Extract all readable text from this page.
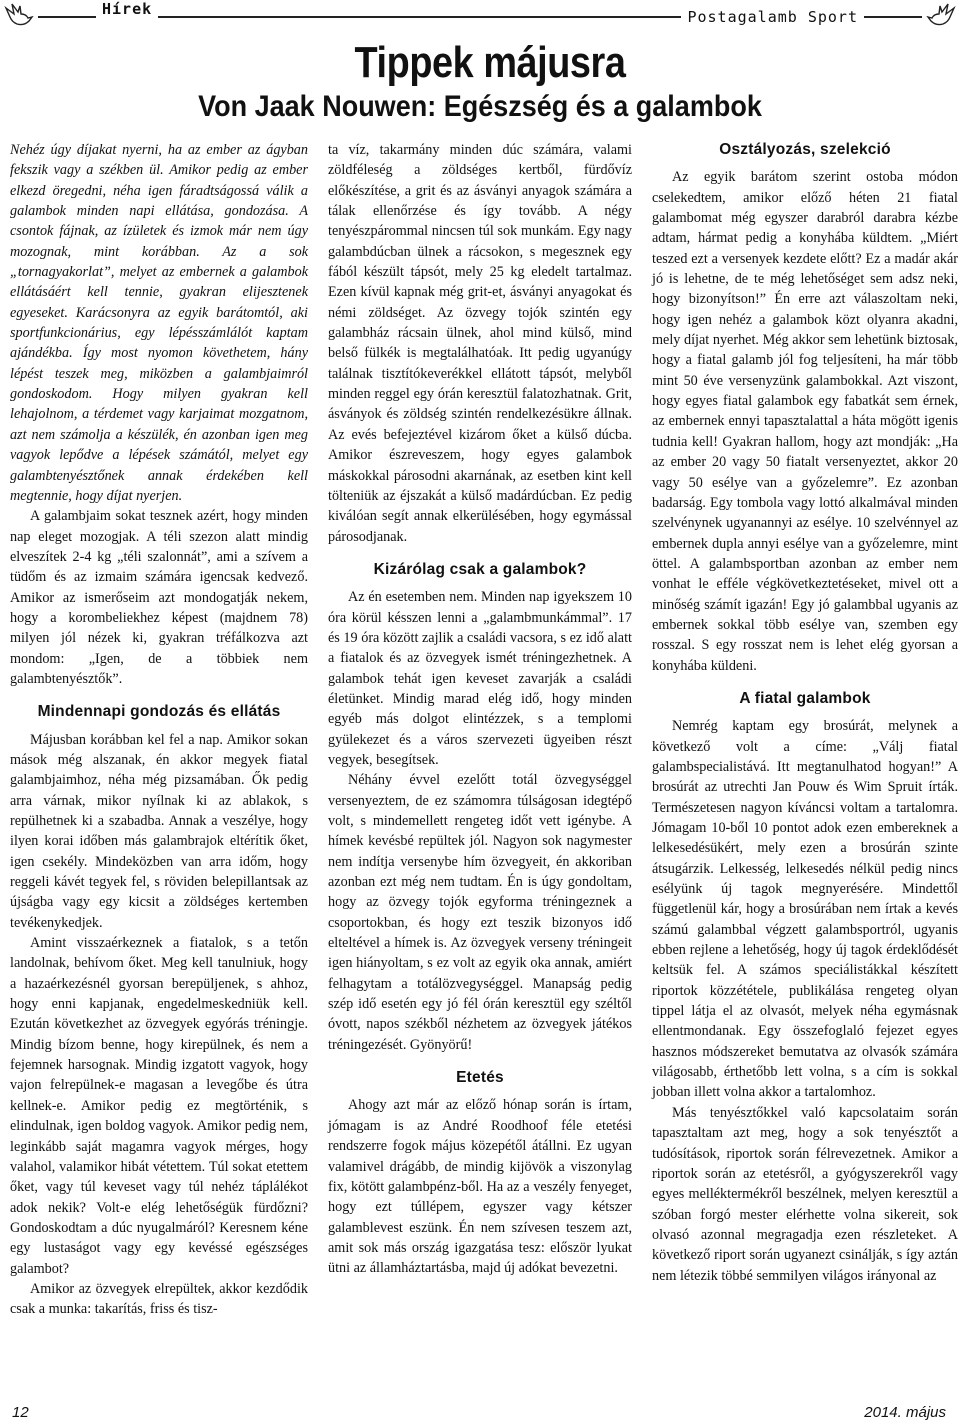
Hírek	Postagalamb Sport
Tippek májusra
Von Jaak Nouwen: Egészség és a galambok

Nehéz úgy díjakat nyerni, ha az ember az ágyban fekszik vagy a székben ül. Amikor pedig az ember elkezd öregedni, néha igen fáradtságossá válik a galambok minden napi ellátása, gondozása. A csontok fájnak, az ízületek és izmok már nem úgy mozognak, mint korábban. Az a sok „tornagyakorlat”, melyet az embernek a galambok ellátásáért kell tennie, gyakran elijesztenek egyeseket. Karácsonyra az egyik barátomtól, aki sportfunkcionárius, egy lépésszámlálót kaptam ajándékba. Így most nyomon követhetem, hány lépést teszek meg, miközben a galambjaimról gondoskodom. Hogy milyen gyakran kell lehajolnom, a térdemet vagy karjaimat mozgatnom, azt nem számolja a készülék, én azonban igen meg vagyok lepődve a lépések számától, melyet egy galambtenyésztőnek annak érdekében kell megtennie, hogy díjat nyerjen.

A galambjaim sokat tesznek azért, hogy minden nap eleget mozogjak. A téli szezon alatt mindig elveszítek 2-4 kg „téli szalonnát”, ami a szívem a tüdőm és az izmaim számára igencsak kedvező. Amikor az ismerőseim azt mondogatják nekem, hogy a korombeliekhez képest (majdnem 78) milyen jól nézek ki, gyakran tréfálkozva azt mondom: „Igen, de a többiek nem galambtenyésztők”.

Mindennapi gondozás és ellátás

Májusban korábban kel fel a nap. Amikor sokan mások még alszanak, én akkor megyek fiatal galambjaimhoz, néha még pizsamában. Ők pedig arra várnak, mikor nyílnak ki az ablakok, s repülhetnek ki a szabadba. Annak a veszélye, hogy ilyen korai időben más galambrajok eltérítik őket, igen csekély. Mindeközben van arra időm, hogy reggeli kávét tegyek fel, s röviden belepillantsak az újságba vagy egy kicsit a zöldséges kertemben tevékenykedjek.

Amint visszaérkeznek a fiatalok, s a tetőn landolnak, behívom őket. Meg kell tanulniuk, hogy a hazaérkezésnél gyorsan berepüljenek, s ahhoz, hogy enni kapjanak, engedelmeskedniük kell. Ezután következhet az özvegyek egyórás tréningje. Mindig bízom benne, hogy kirepülnek, és nem a fejemnek harsognak. Mindig izgatott vagyok, hogy vajon felrepülnek-e magasan a levegőbe és útra kellnek-e. Amikor pedig ez megtörténik, s elindulnak, igen boldog vagyok. Amikor pedig nem, leginkább saját magamra vagyok mérges, hogy valahol, valamikor hibát vétettem. Túl sokat etettem őket, vagy túl keveset vagy túl nehéz táplálékot adok nekik? Volt-e elég lehetőségük fürdőzni? Gondoskodtam a dúc nyugalmáról? Keresnem kéne egy lustaságot vagy egy kevéssé egészséges galambot?

Amikor az özvegyek elrepültek, akkor kezdődik csak a munka: takarítás, friss és tisz-

ta víz, takarmány minden dúc számára, valami zöldféleség a zöldséges kertből, fürdővíz előkészítése, a grit és az ásványi anyagok számára a tálak ellenőrzése és így tovább. A négy tenyészpárommal nincsen túl sok munkám. Egy nagy galambdúcban ülnek a rácsokon, s megesznek egy fából készült tápsót, mely 25 kg eledelt tartalmaz. Ezen kívül kapnak még grit-et, ásványi anyagokat és némi zöldséget. Az özvegy tojók szintén egy galambház rácsain ülnek, ahol mind külső, mind belső fülkék is megtalálhatóak. Itt pedig ugyanúgy találnak tisztítókeverékkel ellátott tápsót, melyből minden reggel egy órán keresztül falatozhatnak. Grit, ásványok és zöldség szintén rendelkezésükre állnak. Az evés befejeztével kizárom őket a külső dúcba. Amikor észreveszem, hogy egyes galambok máskokkal párosodni akarnának, az esetben kint kell tölteniük az éjszakát a külső madárdúcban. Ez pedig kiválóan segít annak elkerülésében, hogy egymással párosodjanak.

Kizárólag csak a galambok?

Az én esetemben nem. Minden nap igyekszem 10 óra körül késszen lenni a „galambmunkámmal”. 17 és 19 óra között zajlik a családi vacsora, s ez idő alatt a fiatalok és az özvegyek ismét tréningezhetnek. A galambok tehát igen keveset zavarják a családi életünket. Mindig marad elég idő, hogy minden egyéb más dolgot elintézzek, s a templomi gyülekezet és a város szervezeti ügyeiben részt vegyek, besegítsek.

Néhány évvel ezelőtt totál özvegységgel versenyeztem, de ez számomra túlságosan idegtépő volt, s mindemellett rengeteg időt vett igénybe. A hímek kevésbé repültek jól. Nagyon sok nagymester nem indítja versenybe hím özvegyeit, én akkoriban azonban ezt még nem tudtam. Én is úgy gondoltam, hogy az özvegy tojók egyforma tréningeznek a csoportokban, és hogy ezt teszik bizonyos idő elteltével a hímek is. Az özvegyek verseny tréningeit igen hiányoltam, s ez volt az egyik oka annak, amiért felhagytam a totálözvegységgel. Manapság pedig szép idő esetén egy jó fél órán keresztül egy széltől óvott, napos székből nézhetem az özvegyek játékos tréningezését. Gyönyörű!

Etetés

Ahogy azt már az előző hónap során is írtam, jómagam is az André Roodhoof féle etetési rendszerre fogok május közepétől átállni. Ez ugyan valamivel drágább, de mindig kijövök a viszonylag fix, kötött galambpénz-ből. Ha az a veszély fenyeget, hogy ezt túllépem, egyszer vagy kétszer galamblevest eszünk. Én nem szívesen teszem azt, amit sok más ország igazgatása tesz: először lyukat ütni az államháztartásba, majd új adókat bevezetni.

Osztályozás, szelekció

Az egyik barátom szerint ostoba módon cselekedtem, amikor előző héten 21 fiatal galambomat még egyszer darabról darabra kézbe adtam, hármat pedig a konyhába küldtem. „Miért teszed ezt a versenyek kezdete előtt? Ez a madár akár jó is lehetne, de te még lehetőséget sem adsz neki, hogy bizonyítson!” Én erre azt válaszoltam neki, hogy igen nehéz a galambok közt olyanra akadni, mely díjat nyerhet. Még akkor sem lehetünk biztosak, hogy a fiatal galamb jól fog teljesíteni, ha már több mint 50 éve versenyzünk galambokkal. Azt viszont, hogy egyes fiatal galambok egy fabatkát sem érnek, az embernek ennyi tapasztalattal a háta mögött igenis tudnia kell! Gyakran hallom, hogy azt mondják: „Ha az ember 20 vagy 50 fiatalt versenyeztet, akkor 20 vagy 50 esélye van a győzelemre”. Ez azonban badarság. Egy tombola vagy lottó alkalmával minden szelvénynek ugyanannyi az esélye. 10 szelvénnyel az embernek dupla annyi esélye van a győzelemre, mint öttel. A galambsportban azonban az ember nem vonhat le efféle végkövetkeztetéseket, mivel ott a minőség számít igazán! Egy jó galambbal ugyanis az embernek sokkal több esélye van, szemben egy rosszal. S egy rosszat nem is lehet elég gyorsan a konyhába küldeni.

A fiatal galambok

Nemrég kaptam egy brosúrát, melynek a következő volt a címe: „Válj fiatal galambspecialistává. Itt megtanulhatod hogyan!” A brosúrát az utrechti Jan Pouw és Wim Spruit írták. Természetesen nagyon kíváncsi voltam a tartalomra. Jómagam 10-ből 10 pontot adok ezen embereknek a lelkesedésükért, mely ezen a brosúrán szinte átsugárzik. Lelkesség, lelkesedés nélkül pedig nincs esélyünk új tagok megnyerésére. Mindettől függetlenül kár, hogy a brosúrában nem írtak a kevés számú galambbal végzett galambsportról, ugyanis ebben rejlene a lehetőség, hogy új tagok érdeklődését keltsük fel. A számos speciálistákkal készített riportok közzététele, publikálása rengeteg olyan tippel látja el az olvasót, melyek néha egymásnak ellentmondanak. Egy összefoglaló fejezet egyes hasznos módszereket bemutatva az olvasók számára világosabb, érthetőbb lett volna, s a cím is sokkal jobban illett volna akkor a tartalomhoz.

Más tenyésztőkkel való kapcsolataim során tapasztaltam azt meg, hogy a sok tenyésztőt a tudósítások, riportok során félrevezetnek. Amikor a riportok során az etetésről, a gyógyszerekről vagy egyes melléktermékről beszélnek, melyen keresztül a szóban forgó mester elérhette volna sikereit, sok olvasó azonnal megragadja ezen részleteket. A következő riport során ugyanezt csinálják, s így aztán nem létezik többé semmilyen világos irányonal az

12	2014. május
